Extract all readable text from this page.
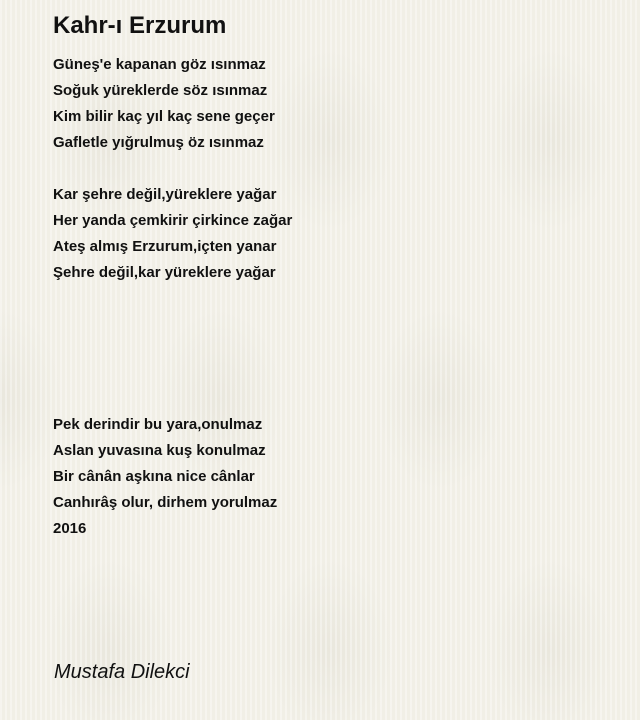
Kahr-ı Erzurum
Güneş'e kapanan göz ısınmaz
Soğuk yüreklerde söz ısınmaz
Kim bilir kaç yıl kaç sene geçer
Gafletle yığrulmuş öz ısınmaz
Kar şehre değil,yüreklere yağar
Her yanda çemkirir çirkince zağar
Ateş almış Erzurum,içten yanar
Şehre değil,kar yüreklere yağar
Pek derindir bu yara,onulmaz
Aslan yuvasına kuş konulmaz
Bir cânân aşkına nice cânlar
Canhırâş olur, dirhem yorulmaz
2016
Mustafa Dilekci
